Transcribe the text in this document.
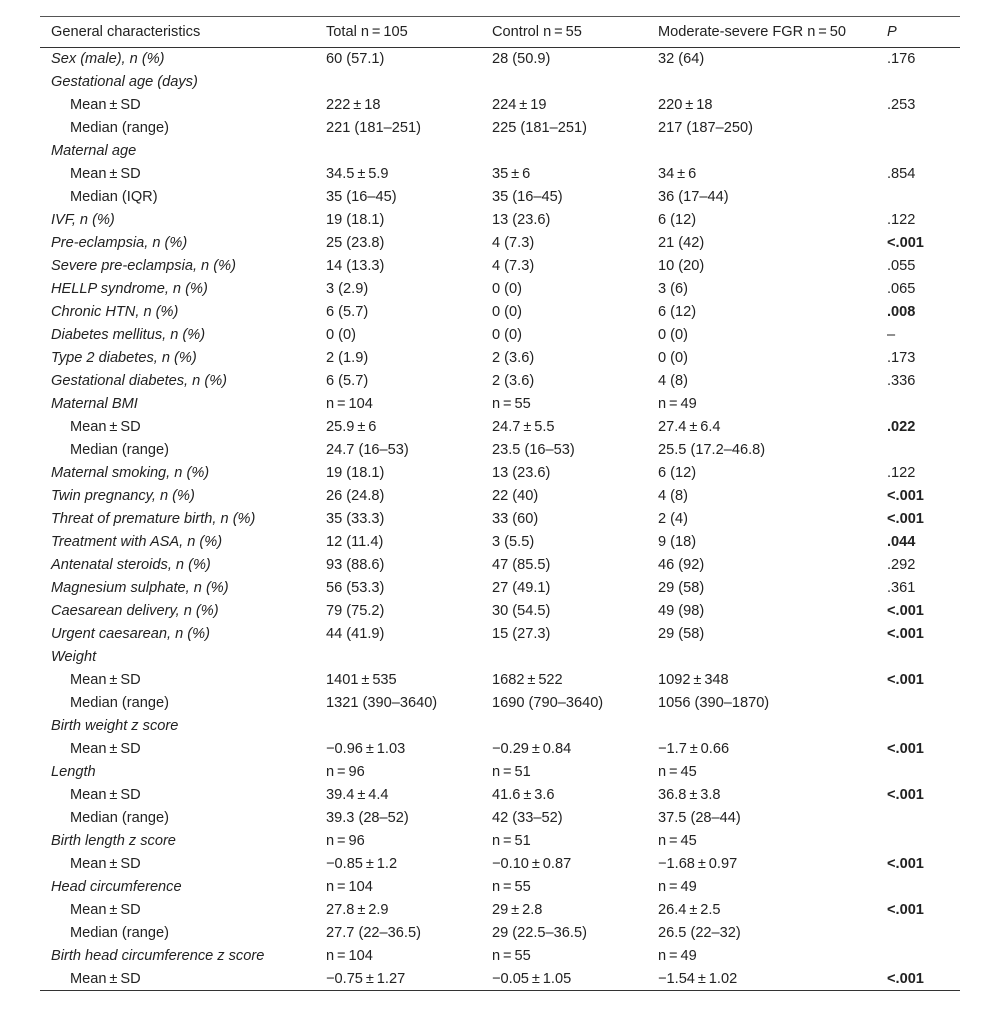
General characteristics	Total n = 105	Control n = 55	Moderate-severe FGR n = 50	P
Sex (male), n (%)	60 (57.1)	28 (50.9)	32 (64)	.176
Gestational age (days)				
Mean ± SD	222 ± 18	224 ± 19	220 ± 18	.253
Median (range)	221 (181–251)	225 (181–251)	217 (187–250)	
Maternal age				
Mean ± SD	34.5 ± 5.9	35 ± 6	34 ± 6	.854
Median (IQR)	35 (16–45)	35 (16–45)	36 (17–44)	
IVF, n (%)	19 (18.1)	13 (23.6)	6 (12)	.122
Pre-eclampsia, n (%)	25 (23.8)	4 (7.3)	21 (42)	<.001
Severe pre-eclampsia, n (%)	14 (13.3)	4 (7.3)	10 (20)	.055
HELLP syndrome, n (%)	3 (2.9)	0 (0)	3 (6)	.065
Chronic HTN, n (%)	6 (5.7)	0 (0)	6 (12)	.008
Diabetes mellitus, n (%)	0 (0)	0 (0)	0 (0)	–
Type 2 diabetes, n (%)	2 (1.9)	2 (3.6)	0 (0)	.173
Gestational diabetes, n (%)	6 (5.7)	2 (3.6)	4 (8)	.336
Maternal BMI	n = 104	n = 55	n = 49	
Mean ± SD	25.9 ± 6	24.7 ± 5.5	27.4 ± 6.4	.022
Median (range)	24.7 (16–53)	23.5 (16–53)	25.5 (17.2–46.8)	
Maternal smoking, n (%)	19 (18.1)	13 (23.6)	6 (12)	.122
Twin pregnancy, n (%)	26 (24.8)	22 (40)	4 (8)	<.001
Threat of premature birth, n (%)	35 (33.3)	33 (60)	2 (4)	<.001
Treatment with ASA, n (%)	12 (11.4)	3 (5.5)	9 (18)	.044
Antenatal steroids, n (%)	93 (88.6)	47 (85.5)	46 (92)	.292
Magnesium sulphate, n (%)	56 (53.3)	27 (49.1)	29 (58)	.361
Caesarean delivery, n (%)	79 (75.2)	30 (54.5)	49 (98)	<.001
Urgent caesarean, n (%)	44 (41.9)	15 (27.3)	29 (58)	<.001
Weight				
Mean ± SD	1401 ± 535	1682 ± 522	1092 ± 348	<.001
Median (range)	1321 (390–3640)	1690 (790–3640)	1056 (390–1870)	
Birth weight z score				
Mean ± SD	−0.96 ± 1.03	−0.29 ± 0.84	−1.7 ± 0.66	<.001
Length	n = 96	n = 51	n = 45	
Mean ± SD	39.4 ± 4.4	41.6 ± 3.6	36.8 ± 3.8	<.001
Median (range)	39.3 (28–52)	42 (33–52)	37.5 (28–44)	
Birth length z score	n = 96	n = 51	n = 45	
Mean ± SD	−0.85 ± 1.2	−0.10 ± 0.87	−1.68 ± 0.97	<.001
Head circumference	n = 104	n = 55	n = 49	
Mean ± SD	27.8 ± 2.9	29 ± 2.8	26.4 ± 2.5	<.001
Median (range)	27.7 (22–36.5)	29 (22.5–36.5)	26.5 (22–32)	
Birth head circumference z score	n = 104	n = 55	n = 49	
Mean ± SD	−0.75 ± 1.27	−0.05 ± 1.05	−1.54 ± 1.02	<.001
